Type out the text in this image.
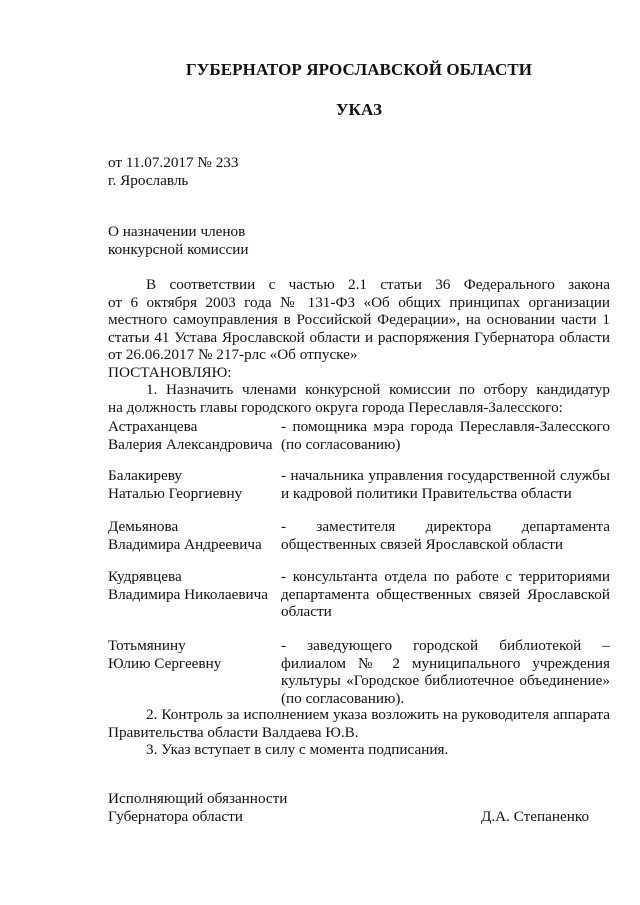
ГУБЕРНАТОР ЯРОСЛАВСКОЙ ОБЛАСТИ
УКАЗ
от 11.07.2017 № 233
г. Ярославль
О назначении членов
конкурсной комиссии
В соответствии с частью 2.1 статьи 36 Федерального закона
от 6 октября 2003 года № 131-ФЗ «Об общих принципах организации
местного самоуправления в Российской Федерации», на основании части 1
статьи 41 Устава Ярославской области и распоряжения Губернатора области
от 26.06.2017 № 217-рлс «Об отпуске»
ПОСТАНОВЛЯЮ:
1. Назначить членами конкурсной комиссии по отбору кандидатур
на должность главы городского округа города Переславля-Залесского:
Астраханцева
Валерия Александровича
- помощника мэра города Переславля-Залесского
(по согласованию)
Балакиреву
Наталью Георгиевну
- начальника управления государственной службы
и кадровой политики Правительства области
Демьянова
Владимира Андреевича
- заместителя директора департамента
общественных связей Ярославской области
Кудрявцева
Владимира Николаевича
- консультанта отдела по работе с территориями
департамента общественных связей Ярославской
области
Тотьмянину
Юлию Сергеевну
- заведующего городской библиотекой –
филиалом № 2 муниципального учреждения
культуры «Городское библиотечное объединение»
(по согласованию).
2. Контроль за исполнением указа возложить на руководителя аппарата
Правительства области Валдаева Ю.В.
3. Указ вступает в силу с момента подписания.
Исполняющий обязанности
Губернатора области	Д.А. Степаненко
